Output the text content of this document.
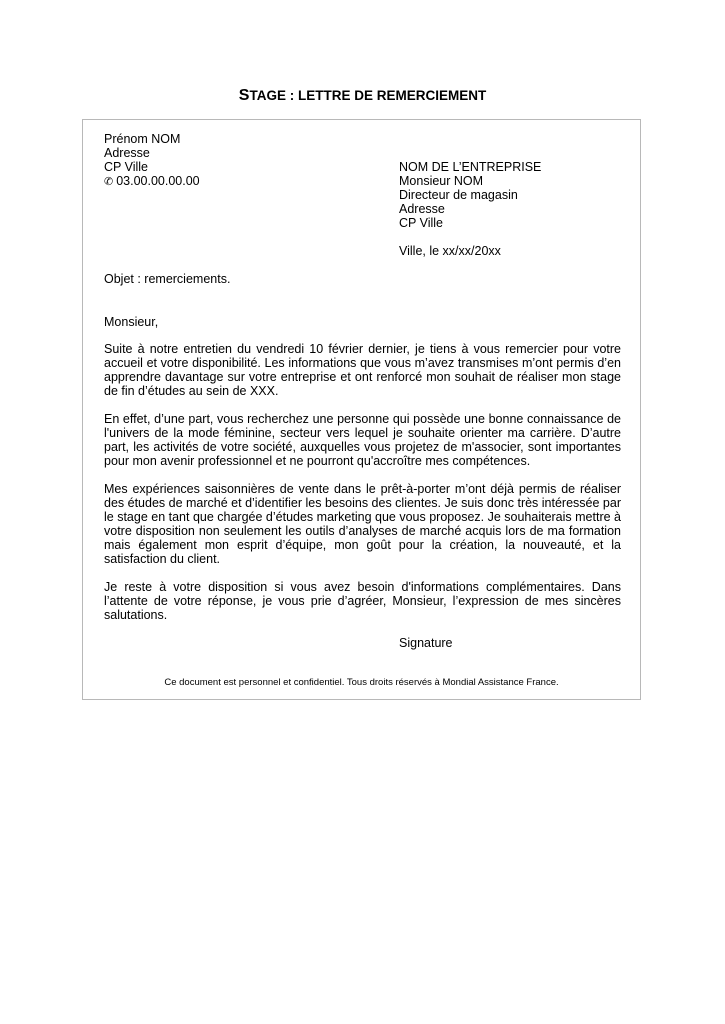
STAGE : LETTRE DE REMERCIEMENT
Prénom NOM
Adresse
CP Ville
✆ 03.00.00.00.00
NOM DE L’ENTREPRISE
Monsieur NOM
Directeur de magasin
Adresse
CP Ville
Ville, le xx/xx/20xx
Objet : remerciements.
Monsieur,

Suite à notre entretien du vendredi 10 février dernier, je tiens à vous remercier pour votre accueil et votre disponibilité. Les informations que vous m’avez transmises m’ont permis d’en apprendre davantage sur votre entreprise et ont renforcé mon souhait de réaliser mon stage de fin d’études au sein de XXX.

En effet, d’une part, vous recherchez une personne qui possède une bonne connaissance de l'univers de la mode féminine, secteur vers lequel je souhaite orienter ma carrière. D’autre part, les activités de votre société, auxquelles vous projetez de m'associer, sont importantes pour mon avenir professionnel et ne pourront qu'accroître mes compétences.

Mes expériences saisonnières de vente dans le prêt-à-porter m’ont déjà permis de réaliser des études de marché et d’identifier les besoins des clientes. Je suis donc très intéressée par le stage en tant que chargée d’études marketing que vous proposez. Je souhaiterais mettre à votre disposition non seulement les outils d’analyses de marché acquis lors de ma formation mais également mon esprit d’équipe, mon goût pour la création, la nouveauté, et la satisfaction du client.

Je reste à votre disposition si vous avez besoin d'informations complémentaires. Dans l’attente de votre réponse, je vous prie d’agréer, Monsieur, l’expression de mes sincères salutations.

Signature
Ce document est personnel et confidentiel. Tous droits réservés à Mondial Assistance France.
